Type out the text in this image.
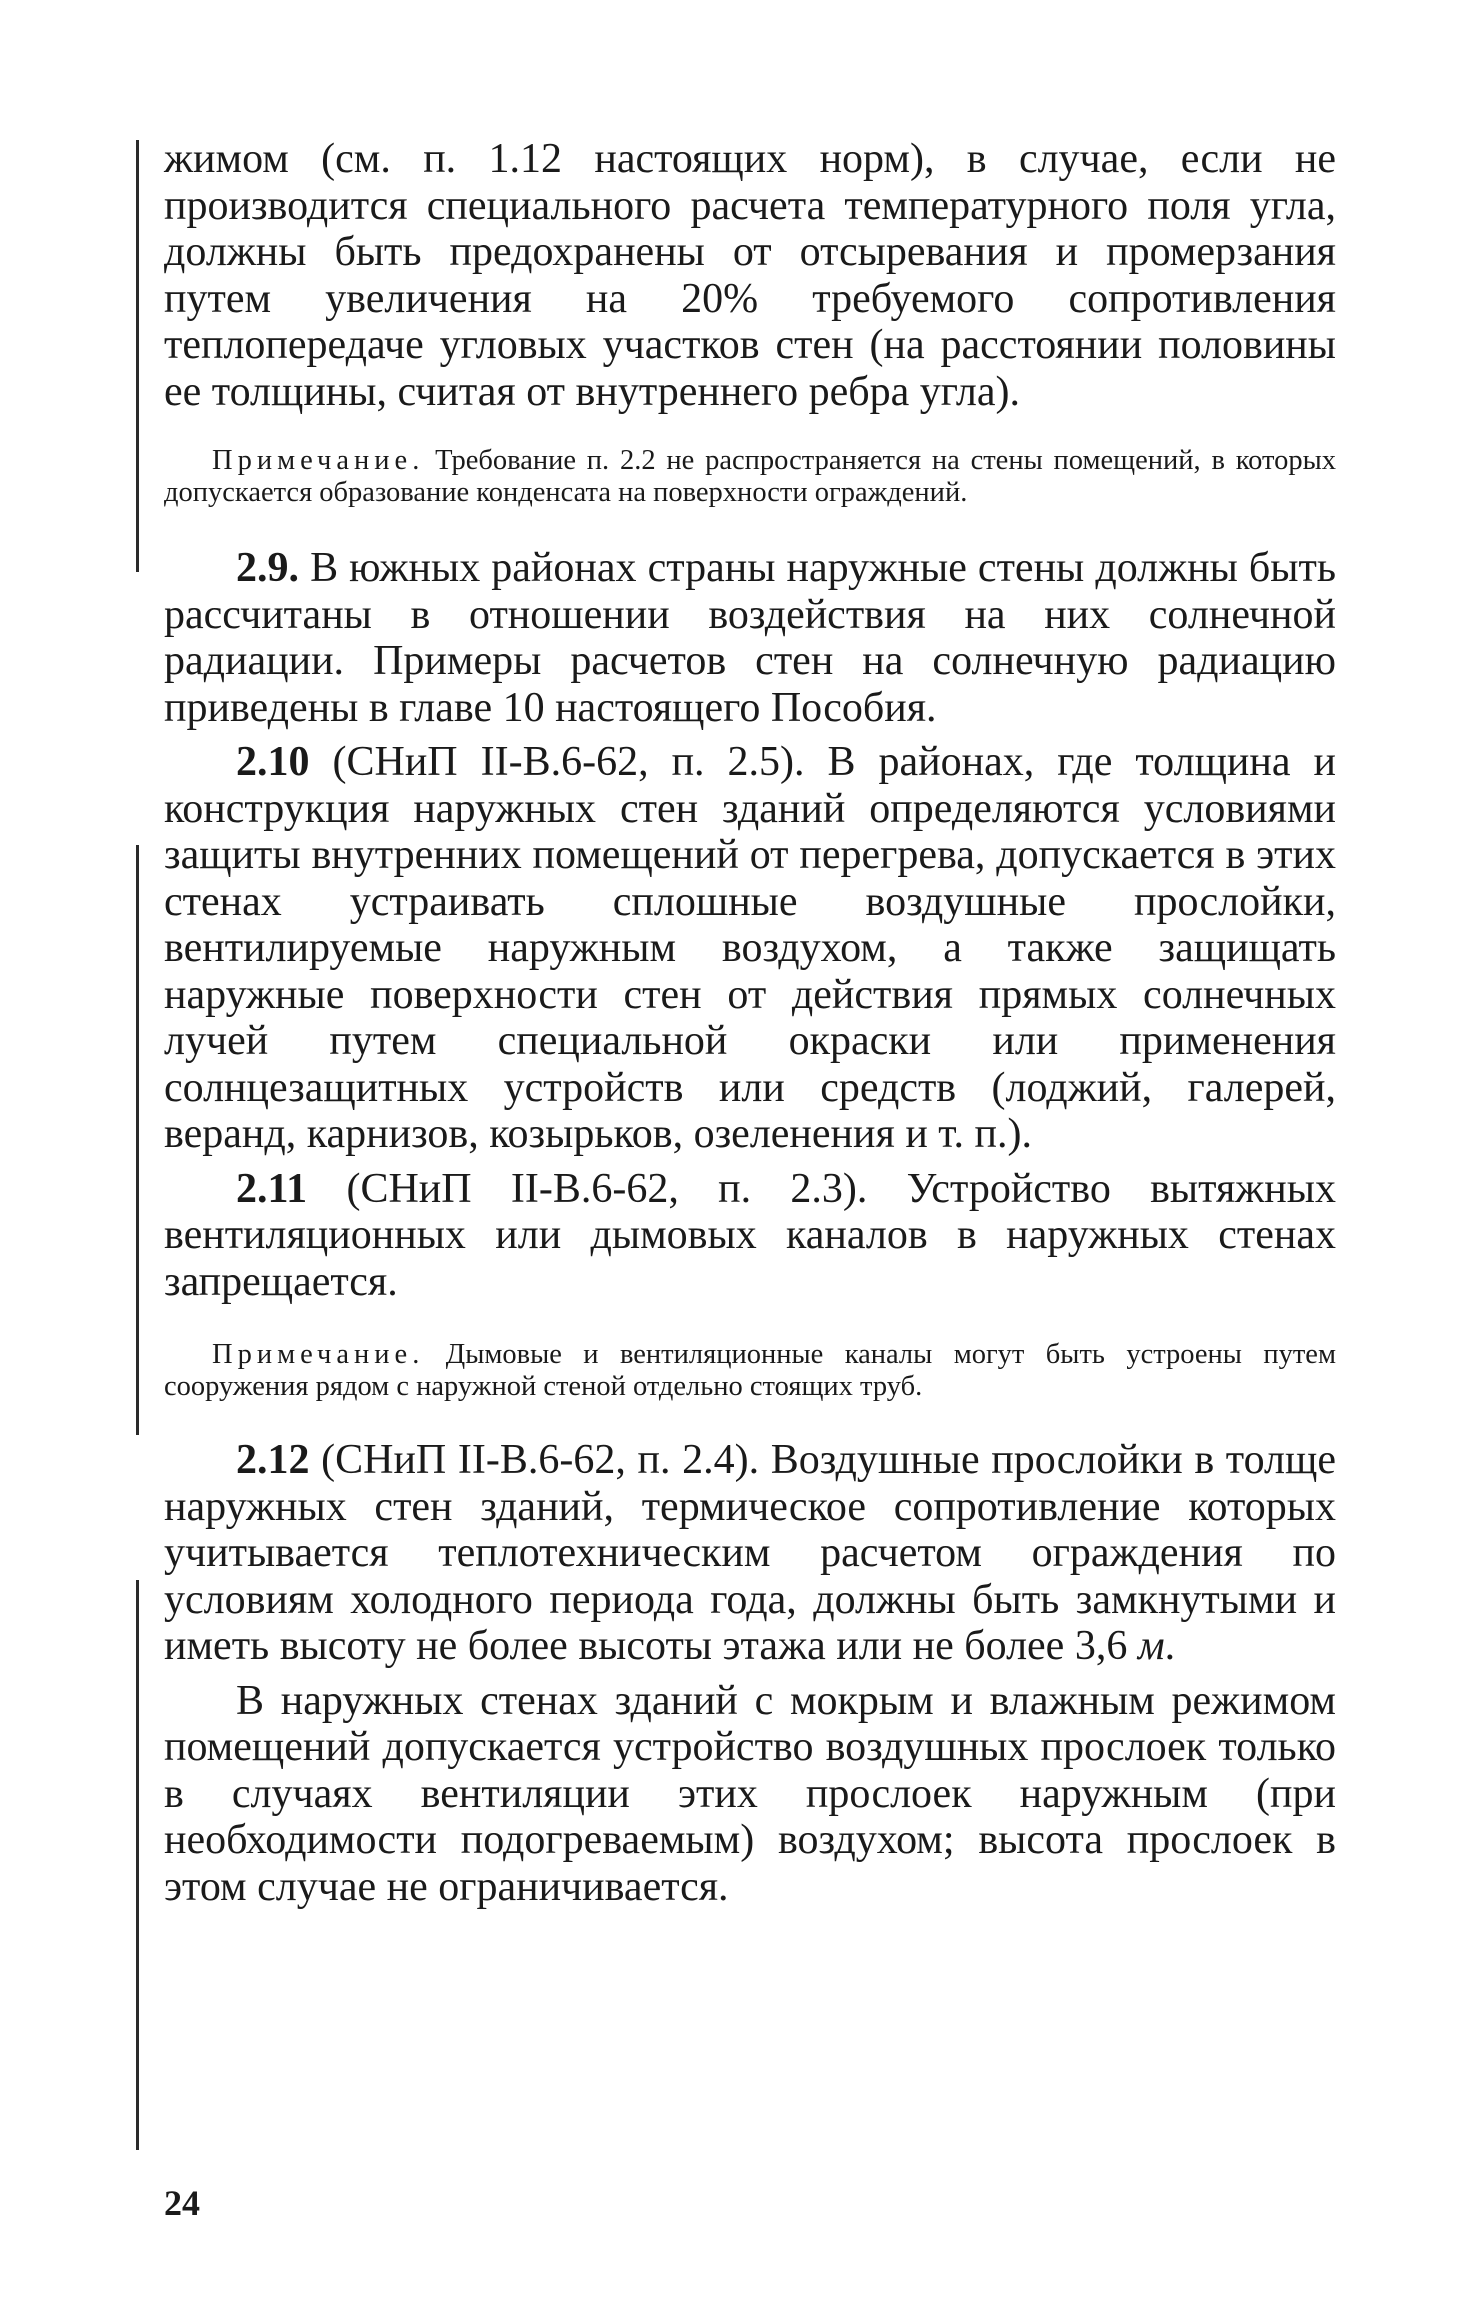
жимом (см. п. 1.12 настоящих норм), в случае, если не производится специального расчета температурного поля угла, должны быть предохранены от отсыревания и промерзания путем увеличения на 20% требуемого сопротивления теплопередаче угловых участков стен (на расстоянии половины ее толщины, считая от внутреннего ребра угла).

Примечание. Требование п. 2.2 не распространяется на стены помещений, в которых допускается образование конденсата на поверхности ограждений.

2.9. В южных районах страны наружные стены должны быть рассчитаны в отношении воздействия на них солнечной радиации. Примеры расчетов стен на солнечную радиацию приведены в главе 10 настоящего Пособия.

2.10 (СНиП II-В.6-62, п. 2.5). В районах, где толщина и конструкция наружных стен зданий определяются условиями защиты внутренних помещений от перегрева, допускается в этих стенах устраивать сплошные воздушные прослойки, вентилируемые наружным воздухом, а также защищать наружные поверхности стен от действия прямых солнечных лучей путем специальной окраски или применения солнцезащитных устройств или средств (лоджий, галерей, веранд, карнизов, козырьков, озеленения и т. п.).

2.11 (СНиП II-В.6-62, п. 2.3). Устройство вытяжных вентиляционных или дымовых каналов в наружных стенах запрещается.

Примечание. Дымовые и вентиляционные каналы могут быть устроены путем сооружения рядом с наружной стеной отдельно стоящих труб.

2.12 (СНиП II-В.6-62, п. 2.4). Воздушные прослойки в толще наружных стен зданий, термическое сопротивление которых учитывается теплотехническим расчетом ограждения по условиям холодного периода года, должны быть замкнутыми и иметь высоту не более высоты этажа или не более 3,6 м.

В наружных стенах зданий с мокрым и влажным режимом помещений допускается устройство воздушных прослоек только в случаях вентиляции этих прослоек наружным (при необходимости подогреваемым) воздухом; высота прослоек в этом случае не ограничивается.

24
